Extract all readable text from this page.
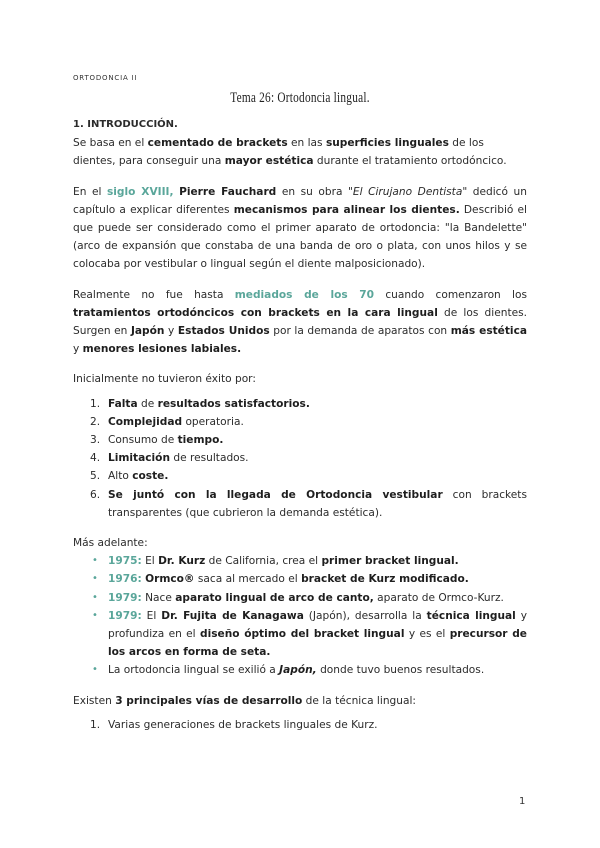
ORTODONCIA II
Tema 26: Ortodoncia lingual.

1. INTRODUCCIÓN.

Se basa en el cementado de brackets en las superficies linguales de los dientes, para conseguir una mayor estética durante el tratamiento ortodóncico.

En el siglo XVIII, Pierre Fauchard en su obra "El Cirujano Dentista" dedicó un capítulo a explicar diferentes mecanismos para alinear los dientes. Describió el que puede ser considerado como el primer aparato de ortodoncia: "la Bandelette" (arco de expansión que constaba de una banda de oro o plata, con unos hilos y se colocaba por vestibular o lingual según el diente malposicionado).

Realmente no fue hasta mediados de los 70 cuando comenzaron los tratamientos ortodóncicos con brackets en la cara lingual de los dientes. Surgen en Japón y Estados Unidos por la demanda de aparatos con más estética y menores lesiones labiales.

Inicialmente no tuvieron éxito por:

1. Falta de resultados satisfactorios.
2. Complejidad operatoria.
3. Consumo de tiempo.
4. Limitación de resultados.
5. Alto coste.
6. Se juntó con la llegada de Ortodoncia vestibular con brackets transparentes (que cubrieron la demanda estética).

Más adelante:

• 1975: El Dr. Kurz de California, crea el primer bracket lingual.
• 1976: Ormco® saca al mercado el bracket de Kurz modificado.
• 1979: Nace aparato lingual de arco de canto, aparato de Ormco-Kurz.
• 1979: El Dr. Fujita de Kanagawa (Japón), desarrolla la técnica lingual y profundiza en el diseño óptimo del bracket lingual y es el precursor de los arcos en forma de seta.
• La ortodoncia lingual se exilió a Japón, donde tuvo buenos resultados.

Existen 3 principales vías de desarrollo de la técnica lingual:

1. Varias generaciones de brackets linguales de Kurz.
1
